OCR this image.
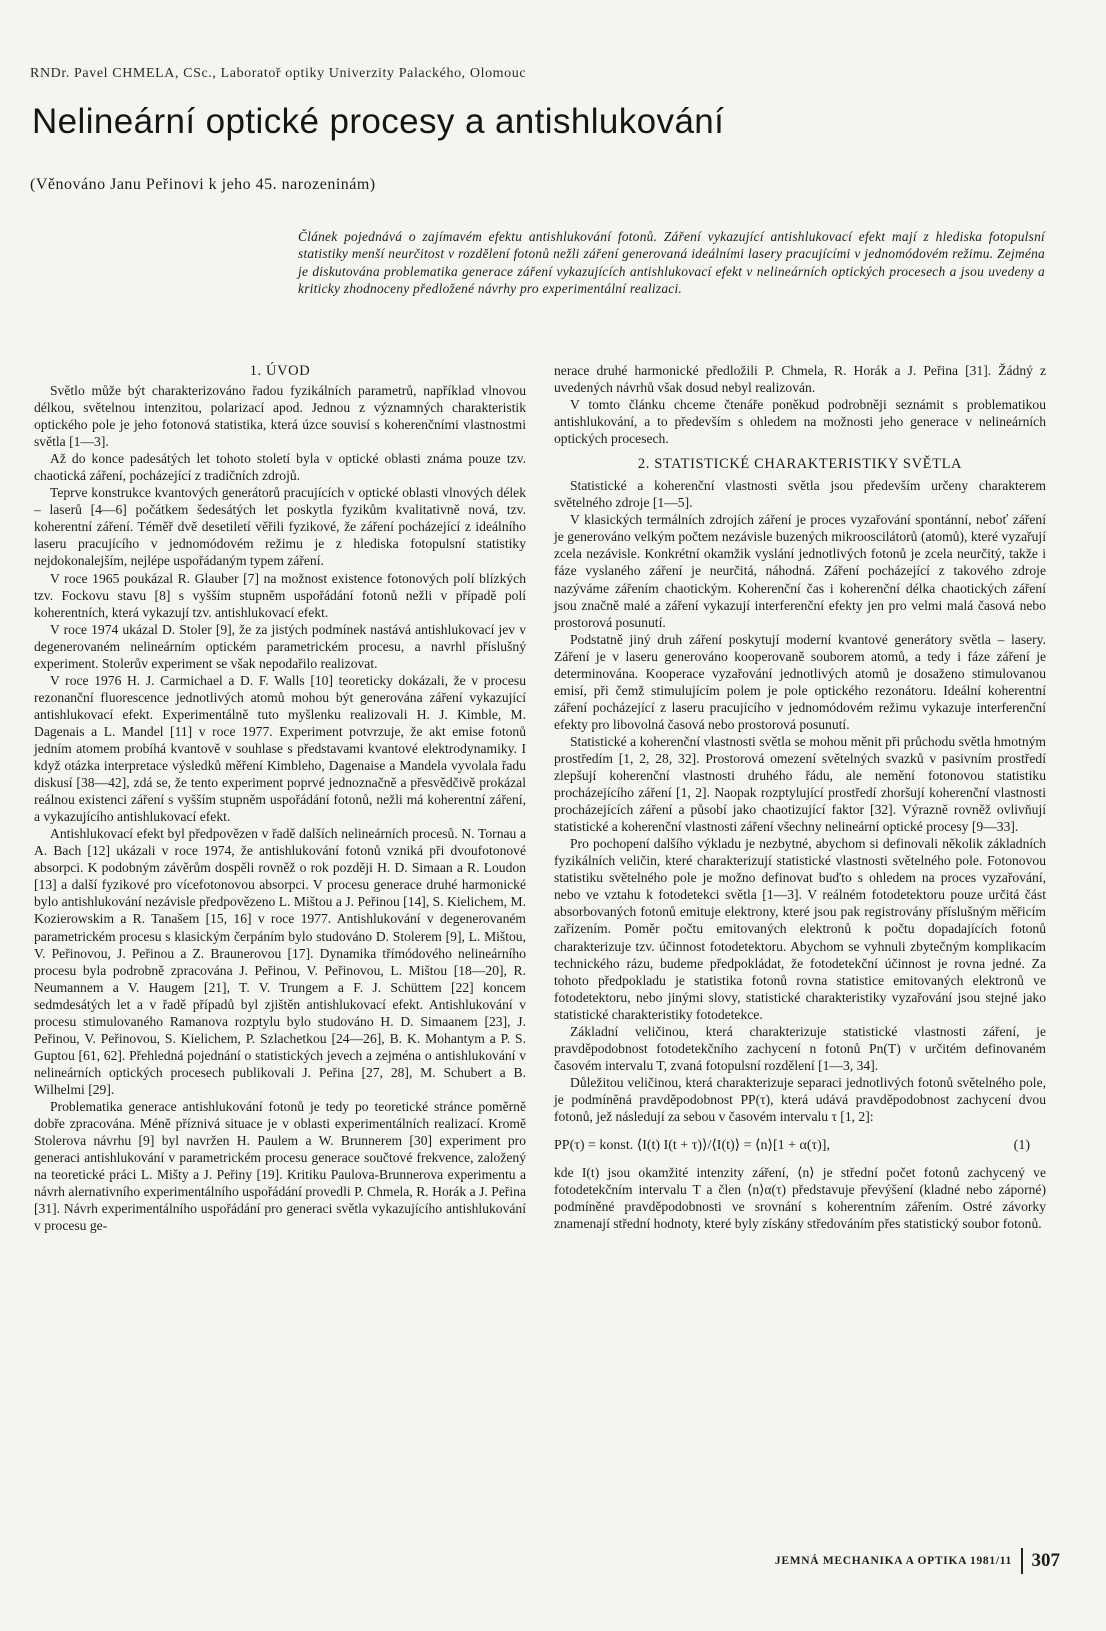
RNDr. Pavel CHMELA, CSc., Laboratoř optiky Univerzity Palackého, Olomouc

Nelineární optické procesy a antishlukování

(Věnováno Janu Peřinovi k jeho 45. narozeninám)

Článek pojednává o zajímavém efektu antishlukování fotonů. Záření vykazující antishlukovací efekt mají z hlediska fotopulsní statistiky menší neurčitost v rozdělení fotonů nežli záření generovaná ideálními lasery pracujícími v jednomódovém režimu. Zejména je diskutována problematika generace záření vykazujících antishlukovací efekt v nelineárních optických procesech a jsou uvedeny a kriticky zhodnoceny předložené návrhy pro experimentální realizaci.

1. ÚVOD

Světlo může být charakterizováno řadou fyzikálních parametrů, například vlnovou délkou, světelnou intenzitou, polarizací apod. Jednou z významných charakteristik optického pole je jeho fotonová statistika, která úzce souvisí s koherenčními vlastnostmi světla [1—3].

Až do konce padesátých let tohoto století byla v optické oblasti známa pouze tzv. chaotická záření, pocházející z tradičních zdrojů.

Teprve konstrukce kvantových generátorů pracujících v optické oblasti vlnových délek – laserů [4—6] počátkem šedesátých let poskytla fyzikům kvalitativně nová, tzv. koherentní záření. Téměř dvě desetiletí věřili fyzikové, že záření pocházející z ideálního laseru pracujícího v jednomódovém režimu je z hlediska fotopulsní statistiky nejdokonalejším, nejlépe uspořádaným typem záření.

V roce 1965 poukázal R. Glauber [7] na možnost existence fotonových polí blízkých tzv. Fockovu stavu [8] s vyšším stupněm uspořádání fotonů nežli v případě polí koherentních, která vykazují tzv. antishlukovací efekt.

V roce 1974 ukázal D. Stoler [9], že za jistých podmínek nastává antishlukovací jev v degenerovaném nelineárním optickém parametrickém procesu, a navrhl příslušný experiment. Stolerův experiment se však nepodařilo realizovat.

V roce 1976 H. J. Carmichael a D. F. Walls [10] teoreticky dokázali, že v procesu rezonanční fluorescence jednotlivých atomů mohou být generována záření vykazující antishlukovací efekt. Experimentálně tuto myšlenku realizovali H. J. Kimble, M. Dagenais a L. Mandel [11] v roce 1977. Experiment potvrzuje, že akt emise fotonů jedním atomem probíhá kvantově v souhlase s představami kvantové elektrodynamiky. I když otázka interpretace výsledků měření Kimbleho, Dagenaise a Mandela vyvolala řadu diskusí [38—42], zdá se, že tento experiment poprvé jednoznačně a přesvědčivě prokázal reálnou existenci záření s vyšším stupněm uspořádání fotonů, nežli má koherentní záření, a vykazujícího antishlukovací efekt.

Antishlukovací efekt byl předpovězen v řadě dalších nelineárních procesů. N. Tornau a A. Bach [12] ukázali v roce 1974, že antishlukování fotonů vzniká při dvoufotonové absorpci. K podobným závěrům dospěli rovněž o rok později H. D. Simaan a R. Loudon [13] a další fyzikové pro vícefotonovou absorpci. V procesu generace druhé harmonické bylo antishlukování nezávisle předpovězeno L. Mištou a J. Peřinou [14], S. Kielichem, M. Kozierowskim a R. Tanašem [15, 16] v roce 1977. Antishlukování v degenerovaném parametrickém procesu s klasickým čerpáním bylo studováno D. Stolerem [9], L. Mištou, V. Peřinovou, J. Peřinou a Z. Braunerovou [17]. Dynamika třímódového nelineárního procesu byla podrobně zpracována J. Peřinou, V. Peřinovou, L. Mištou [18—20], R. Neumannem a V. Haugem [21], T. V. Trungem a F. J. Schüttem [22] koncem sedmdesátých let a v řadě případů byl zjištěn antishlukovací efekt. Antishlukování v procesu stimulovaného Ramanova rozptylu bylo studováno H. D. Simaanem [23], J. Peřinou, V. Peřinovou, S. Kielichem, P. Szlachetkou [24—26], B. K. Mohantym a P. S. Guptou [61, 62]. Přehledná pojednání o statistických jevech a zejména o antishlukování v nelineárních optických procesech publikovali J. Peřina [27, 28], M. Schubert a B. Wilhelmi [29].

Problematika generace antishlukování fotonů je tedy po teoretické stránce poměrně dobře zpracována. Méně příznivá situace je v oblasti experimentálních realizací. Kromě Stolerova návrhu [9] byl navržen H. Paulem a W. Brunnerem [30] experiment pro generaci antishlukování v parametrickém procesu generace součtové frekvence, založený na teoretické práci L. Mišty a J. Peřiny [19]. Kritiku Paulova-Brunnerova experimentu a návrh alernativního experimentálního uspořádání provedli P. Chmela, R. Horák a J. Peřina [31]. Návrh experimentálního uspořádání pro generaci světla vykazujícího antishlukování v procesu ge-

nerace druhé harmonické předložili P. Chmela, R. Horák a J. Peřina [31]. Žádný z uvedených návrhů však dosud nebyl realizován.

V tomto článku chceme čtenáře poněkud podrobněji seznámit s problematikou antishlukování, a to především s ohledem na možnosti jeho generace v nelineárních optických procesech.

2. STATISTICKÉ CHARAKTERISTIKY SVĚTLA

Statistické a koherenční vlastnosti světla jsou především určeny charakterem světelného zdroje [1—5].

V klasických termálních zdrojích záření je proces vyzařování spontánní, neboť záření je generováno velkým počtem nezávisle buzených mikrooscilátorů (atomů), které vyzařují zcela nezávisle. Konkrétní okamžik vyslání jednotlivých fotonů je zcela neurčitý, takže i fáze vyslaného záření je neurčitá, náhodná. Záření pocházející z takového zdroje nazýváme zářením chaotickým. Koherenční čas i koherenční délka chaotických záření jsou značně malé a záření vykazují interferenční efekty jen pro velmi malá časová nebo prostorová posunutí.

Podstatně jiný druh záření poskytují moderní kvantové generátory světla – lasery. Záření je v laseru generováno kooperovaně souborem atomů, a tedy i fáze záření je determinována. Kooperace vyzařování jednotlivých atomů je dosaženo stimulovanou emisí, při čemž stimulujícím polem je pole optického rezonátoru. Ideální koherentní záření pocházející z laseru pracujícího v jednomódovém režimu vykazuje interferenční efekty pro libovolná časová nebo prostorová posunutí.

Statistické a koherenční vlastnosti světla se mohou měnit při průchodu světla hmotným prostředím [1, 2, 28, 32]. Prostorová omezení světelných svazků v pasivním prostředí zlepšují koherenční vlastnosti druhého řádu, ale nemění fotonovou statistiku procházejícího záření [1, 2]. Naopak rozptylující prostředí zhoršují koherenční vlastnosti procházejících záření a působí jako chaotizující faktor [32]. Výrazně rovněž ovlivňují statistické a koherenční vlastnosti záření všechny nelineární optické procesy [9—33].

Pro pochopení dalšího výkladu je nezbytné, abychom si definovali několik základních fyzikálních veličin, které charakterizují statistické vlastnosti světelného pole. Fotonovou statistiku světelného pole je možno definovat buďto s ohledem na proces vyzařování, nebo ve vztahu k fotodetekci světla [1—3]. V reálném fotodetektoru pouze určitá část absorbovaných fotonů emituje elektrony, které jsou pak registrovány příslušným měřicím zařízením. Poměr počtu emitovaných elektronů k počtu dopadajících fotonů charakterizuje tzv. účinnost fotodetektoru. Abychom se vyhnuli zbytečným komplikacím technického rázu, budeme předpokládat, že fotodetekční účinnost je rovna jedné. Za tohoto předpokladu je statistika fotonů rovna statistice emitovaných elektronů ve fotodetektoru, nebo jinými slovy, statistické charakteristiky vyzařování jsou stejné jako statistické charakteristiky fotodetekce.

Základní veličinou, která charakterizuje statistické vlastnosti záření, je pravděpodobnost fotodetekčního zachycení n fotonů Pn(T) v určitém definovaném časovém intervalu T, zvaná fotopulsní rozdělení [1—3, 34].

Důležitou veličinou, která charakterizuje separaci jednotlivých fotonů světelného pole, je podmíněná pravděpodobnost PP(τ), která udává pravděpodobnost zachycení dvou fotonů, jež následují za sebou v časovém intervalu τ [1, 2]:

PP(τ) = konst. ⟨I(t) I(t + τ)⟩/⟨I(t)⟩ = ⟨n⟩[1 + α(τ)],	(1)

kde I(t) jsou okamžité intenzity záření, ⟨n⟩ je střední počet fotonů zachycený ve fotodetekčním intervalu T a člen ⟨n⟩α(τ) představuje převýšení (kladné nebo záporné) podmíněné pravděpodobnosti ve srovnání s koherentním zářením. Ostré závorky znamenají střední hodnoty, které byly získány středováním přes statistický soubor fotonů.

JEMNÁ MECHANIKA A OPTIKA 1981/11 307
